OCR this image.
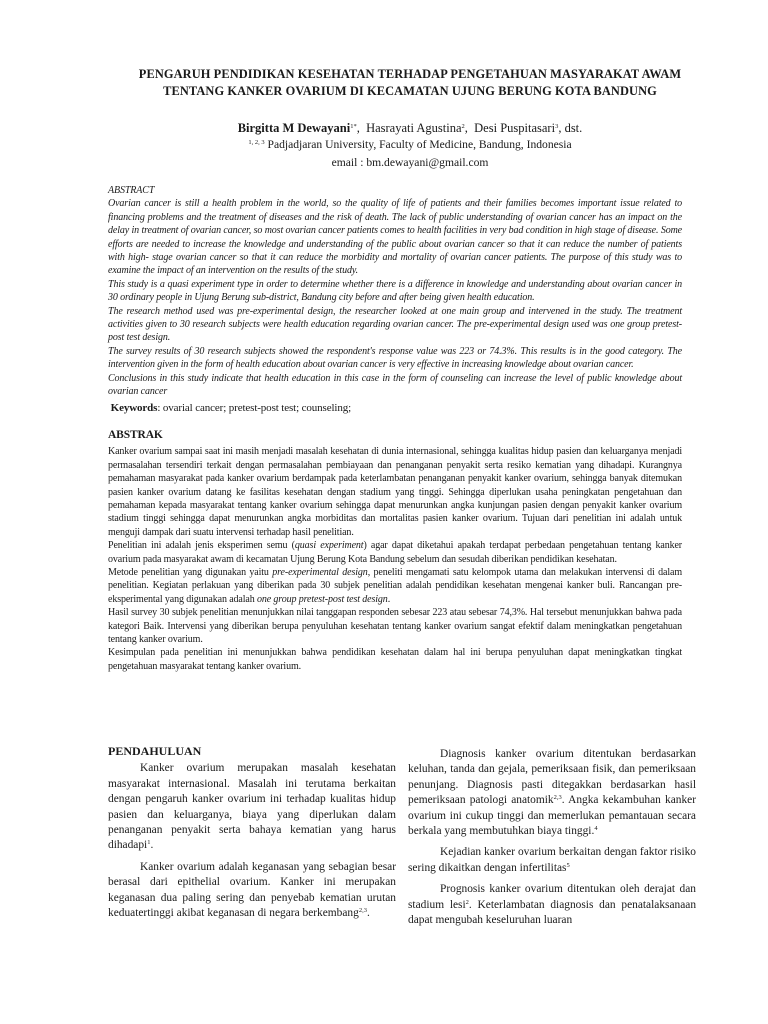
PENGARUH PENDIDIKAN KESEHATAN TERHADAP PENGETAHUAN MASYARAKAT AWAM
TENTANG KANKER OVARIUM DI KECAMATAN UJUNG BERUNG KOTA BANDUNG
Birgitta M Dewayani$^{1*}$,  Hasrayati Agustina$^2$,  Desi Puspitasari$^3$, dst.
$^{1, 2, 3}$ Padjadjaran University, Faculty of Medicine, Bandung, Indonesia
email : bm.dewayani@gmail.com
ABSTRACT

Ovarian cancer is still a health problem in the world, so the quality of life of patients and their families becomes important issue related to financing problems and the treatment of diseases and the risk of death. The lack of public understanding of ovarian cancer has an impact on the delay in treatment of ovarian cancer, so most ovarian cancer patients comes to health facilities in very bad condition in high stage of disease. Some efforts are needed to increase the knowledge and understanding of the public about ovarian cancer so that it can reduce the number of patients with high- stage ovarian cancer so that it can reduce the morbidity and mortality of ovarian cancer patients. The purpose of this study was to examine the impact of an intervention on the results of the study.

This study is a quasi experiment type in order to determine whether there is a difference in knowledge and understanding about ovarian cancer in 30 ordinary people in Ujung Berung sub-district, Bandung city before and after being given health education.

The research method used was pre-experimental design, the researcher looked at one main group and intervened in the study. The treatment activities given to 30 research subjects were health education regarding ovarian cancer. The pre-experimental design used was one group pretest-post test design.

The survey results of 30 research subjects showed the respondent's response value was 223 or 74.3%. This results is in the good category. The intervention given in the form of health education about ovarian cancer is very effective in increasing knowledge about ovarian cancer.

Conclusions in this study indicate that health education in this case in the form of counseling can increase the level of public knowledge about ovarian cancer

Keywords: ovarial cancer; pretest-post test; counseling;
ABSTRAK

Kanker ovarium sampai saat ini masih menjadi masalah kesehatan di dunia internasional, sehingga kualitas hidup pasien dan keluarganya menjadi permasalahan tersendiri terkait dengan permasalahan pembiayaan dan penanganan penyakit serta resiko kematian yang dihadapi. Kurangnya pemahaman masyarakat pada kanker ovarium berdampak pada keterlambatan penanganan penyakit kanker ovarium, sehingga banyak ditemukan pasien kanker ovarium datang ke fasilitas kesehatan dengan stadium yang tinggi. Sehingga diperlukan usaha peningkatan pengetahuan dan pemahaman kepada masyarakat tentang kanker ovarium sehingga dapat menurunkan angka kunjungan pasien dengan penyakit kanker ovarium stadium tinggi sehingga dapat menurunkan angka morbiditas dan mortalitas pasien kanker ovarium. Tujuan dari penelitian ini adalah untuk menguji dampak dari suatu intervensi terhadap hasil penelitian.

Penelitian ini adalah jenis eksperimen semu (quasi experiment) agar dapat diketahui apakah terdapat perbedaan pengetahuan tentang kanker ovarium pada masyarakat awam di kecamatan Ujung Berung Kota Bandung sebelum dan sesudah diberikan pendidikan kesehatan.

Metode penelitian yang digunakan yaitu pre-experimental design, peneliti mengamati satu kelompok utama dan melakukan intervensi di dalam penelitian. Kegiatan perlakuan yang diberikan pada 30 subjek penelitian adalah pendidikan kesehatan mengenai kanker buli. Rancangan pre-eksperimental yang digunakan adalah one group pretest-post test design.

Hasil survey 30 subjek penelitian menunjukkan nilai tanggapan responden sebesar 223 atau sebesar 74,3%. Hal tersebut menunjukkan bahwa pada kategori Baik. Intervensi yang diberikan berupa penyuluhan kesehatan tentang kanker ovarium sangat efektif dalam meningkatkan pengetahuan tentang kanker ovarium.

Kesimpulan pada penelitian ini menunjukkan bahwa pendidikan kesehatan dalam hal ini berupa penyuluhan dapat meningkatkan tingkat pengetahuan masyarakat tentang kanker ovarium.

PENDAHULUAN

Kanker ovarium merupakan masalah kesehatan masyarakat internasional. Masalah ini terutama berkaitan dengan pengaruh kanker ovarium ini terhadap kualitas hidup pasien dan keluarganya, biaya yang diperlukan dalam penanganan penyakit serta bahaya kematian yang harus dihadapi$^1$.

Kanker ovarium adalah keganasan yang sebagian besar berasal dari epithelial ovarium. Kanker ini merupakan keganasan dua paling sering dan penyebab kematian urutan keduatertinggi akibat keganasan di negara berkembang$^{2,3}$.

Diagnosis kanker ovarium ditentukan berdasarkan keluhan, tanda dan gejala, pemeriksaan fisik, dan pemeriksaan penunjang. Diagnosis pasti ditegakkan berdasarkan hasil pemeriksaan patologi anatomik$^{2,3}$. Angka kekambuhan kanker ovarium ini cukup tinggi dan memerlukan pemantauan secara berkala yang membutuhkan biaya tinggi.$^4$

Kejadian kanker ovarium berkaitan dengan faktor risiko sering dikaitkan dengan infertilitas$^5$

Prognosis kanker ovarium ditentukan oleh derajat dan stadium lesi$^2$. Keterlambatan diagnosis dan penatalaksanaan dapat mengubah keseluruhan luaran
